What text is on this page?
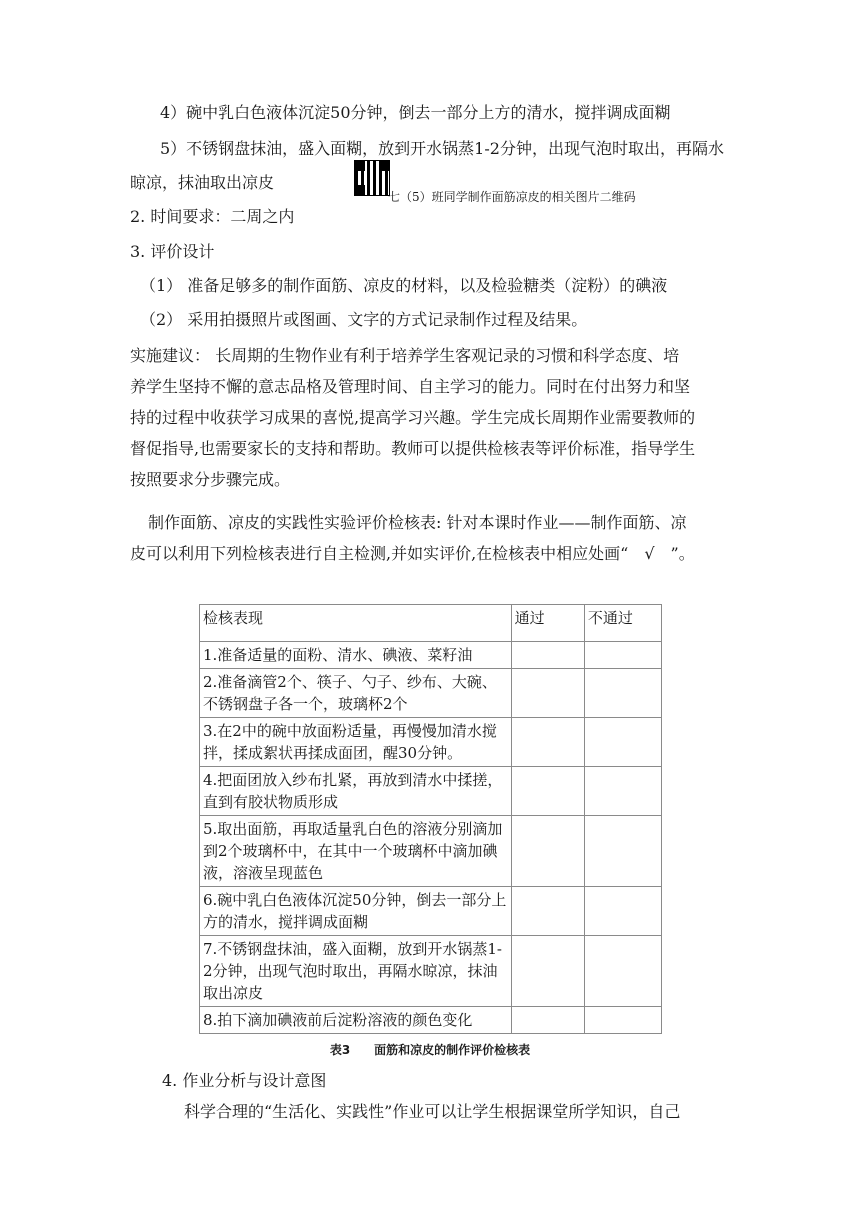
4）碗中乳白色液体沉淀50分钟，倒去一部分上方的清水，搅拌调成面糊
5）不锈钢盘抹油，盛入面糊，放到开水锅蒸1-2分钟，出现气泡时取出，再隔水
晾凉，抹油取出凉皮
七（5）班同学制作面筋凉皮的相关图片二维码
2. 时间要求：二周之内
3. 评价设计
（1） 准备足够多的制作面筋、凉皮的材料，以及检验糖类（淀粉）的碘液
（2） 采用拍摄照片或图画、文字的方式记录制作过程及结果。
实施建议： 长周期的生物作业有利于培养学生客观记录的习惯和科学态度、培
养学生坚持不懈的意志品格及管理时间、自主学习的能力。同时在付出努力和坚
持的过程中收获学习成果的喜悦,提高学习兴趣。学生完成长周期作业需要教师的
督促指导,也需要家长的支持和帮助。教师可以提供检核表等评价标准，指导学生
按照要求分步骤完成。
制作面筋、凉皮的实践性实验评价检核表: 针对本课时作业——制作面筋、凉
皮可以利用下列检核表进行自主检测,并如实评价,在检核表中相应处画“　√　”。
检核表现	通过	不通过
1.准备适量的面粉、清水、碘液、菜籽油		
2.准备滴管2个、筷子、勺子、纱布、大碗、不锈钢盘子各一个，玻璃杯2个		
3.在2中的碗中放面粉适量，再慢慢加清水搅拌，揉成絮状再揉成面团，醒30分钟。		
4.把面团放入纱布扎紧，再放到清水中揉搓，直到有胶状物质形成		
5.取出面筋，再取适量乳白色的溶液分别滴加到2个玻璃杯中，在其中一个玻璃杯中滴加碘液，溶液呈现蓝色		
6.碗中乳白色液体沉淀50分钟，倒去一部分上方的清水，搅拌调成面糊		
7.不锈钢盘抹油，盛入面糊，放到开水锅蒸1-2分钟，出现气泡时取出，再隔水晾凉，抹油取出凉皮		
8.拍下滴加碘液前后淀粉溶液的颜色变化		
表3 面筋和凉皮的制作评价检核表
4. 作业分析与设计意图
科学合理的“生活化、实践性”作业可以让学生根据课堂所学知识，自己
